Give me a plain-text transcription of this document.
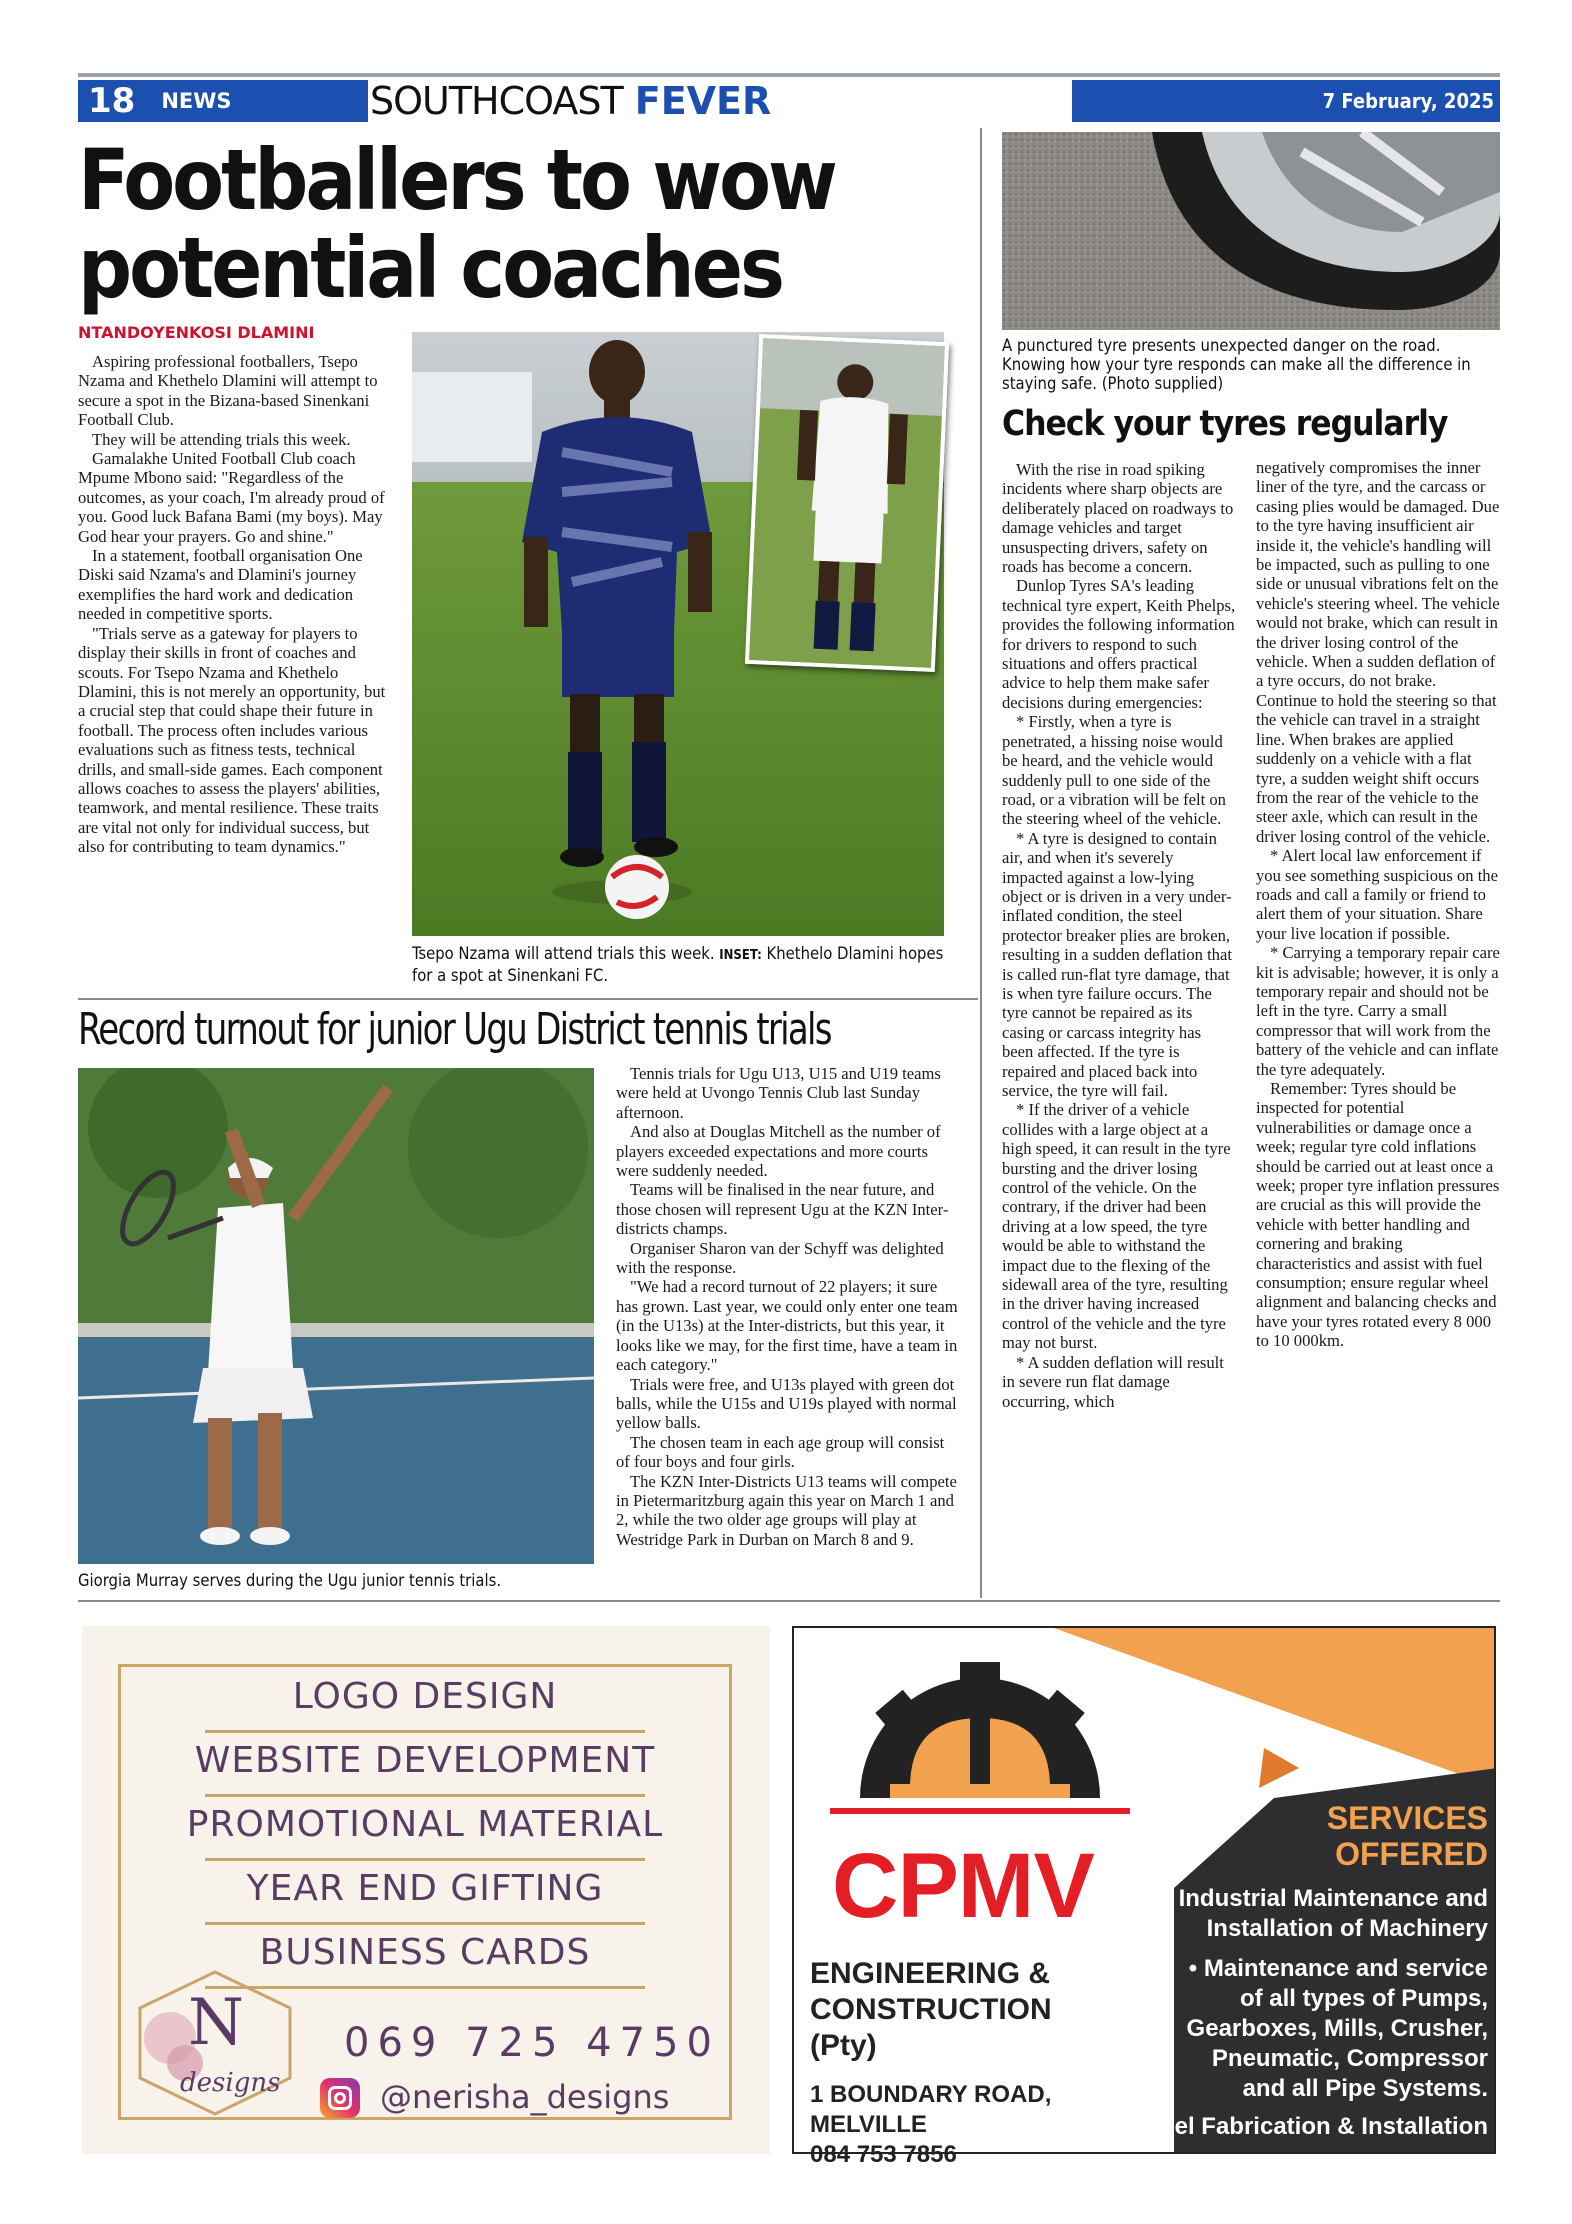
18 NEWS	SOUTHCOAST FEVER	7 February, 2025
Footballers to wow
potential coaches
NTANDOYENKOSI DLAMINI

Aspiring professional footballers, Tsepo Nzama and Khethelo Dlamini will attempt to secure a spot in the Bizana-based Sinenkani Football Club.

They will be attending trials this week.

Gamalakhe United Football Club coach Mpume Mbono said: "Regardless of the outcomes, as your coach, I'm already proud of you. Good luck Bafana Bami (my boys). May God hear your prayers. Go and shine."

In a statement, football organisation One Diski said Nzama's and Dlamini's journey exemplifies the hard work and dedication needed in competitive sports.

"Trials serve as a gateway for players to display their skills in front of coaches and scouts. For Tsepo Nzama and Khethelo Dlamini, this is not merely an opportunity, but a crucial step that could shape their future in football. The process often includes various evaluations such as fitness tests, technical drills, and small-side games. Each component allows coaches to assess the players' abilities, teamwork, and mental resilience. These traits are vital not only for individual success, but also for contributing to team dynamics."

Tsepo Nzama will attend trials this week. INSET: Khethelo Dlamini hopes for a spot at Sinenkani FC.
A punctured tyre presents unexpected danger on the road. Knowing how your tyre responds can make all the difference in staying safe. (Photo supplied)
Check your tyres regularly

With the rise in road spiking incidents where sharp objects are deliberately placed on roadways to damage vehicles and target unsuspecting drivers, safety on roads has become a concern.

Dunlop Tyres SA's leading technical tyre expert, Keith Phelps, provides the following information for drivers to respond to such situations and offers practical advice to help them make safer decisions during emergencies:

* Firstly, when a tyre is penetrated, a hissing noise would be heard, and the vehicle would suddenly pull to one side of the road, or a vibration will be felt on the steering wheel of the vehicle.

* A tyre is designed to contain air, and when it's severely impacted against a low-lying object or is driven in a very under-inflated condition, the steel protector breaker plies are broken, resulting in a sudden deflation that is called run-flat tyre damage, that is when tyre failure occurs. The tyre cannot be repaired as its casing or carcass integrity has been affected. If the tyre is repaired and placed back into service, the tyre will fail.

* If the driver of a vehicle collides with a large object at a high speed, it can result in the tyre bursting and the driver losing control of the vehicle. On the contrary, if the driver had been driving at a low speed, the tyre would be able to withstand the impact due to the flexing of the sidewall area of the tyre, resulting in the driver having increased control of the vehicle and the tyre may not burst.

* A sudden deflation will result in severe run flat damage occurring, which

negatively compromises the inner liner of the tyre, and the carcass or casing plies would be damaged. Due to the tyre having insufficient air inside it, the vehicle's handling will be impacted, such as pulling to one side or unusual vibrations felt on the vehicle's steering wheel. The vehicle would not brake, which can result in the driver losing control of the vehicle. When a sudden deflation of a tyre occurs, do not brake. Continue to hold the steering so that the vehicle can travel in a straight line. When brakes are applied suddenly on a vehicle with a flat tyre, a sudden weight shift occurs from the rear of the vehicle to the steer axle, which can result in the driver losing control of the vehicle.

* Alert local law enforcement if you see something suspicious on the roads and call a family or friend to alert them of your situation. Share your live location if possible.

* Carrying a temporary repair care kit is advisable; however, it is only a temporary repair and should not be left in the tyre. Carry a small compressor that will work from the battery of the vehicle and can inflate the tyre adequately.

Remember: Tyres should be inspected for potential vulnerabilities or damage once a week; regular tyre cold inflations should be carried out at least once a week; proper tyre inflation pressures are crucial as this will provide the vehicle with better handling and cornering and braking characteristics and assist with fuel consumption; ensure regular wheel alignment and balancing checks and have your tyres rotated every 8 000 to 10 000km.

Record turnout for junior Ugu District tennis trials
Giorgia Murray serves during the Ugu junior tennis trials.

Tennis trials for Ugu U13, U15 and U19 teams were held at Uvongo Tennis Club last Sunday afternoon.

And also at Douglas Mitchell as the number of players exceeded expectations and more courts were suddenly needed.

Teams will be finalised in the near future, and those chosen will represent Ugu at the KZN Inter-districts champs.

Organiser Sharon van der Schyff was delighted with the response.

"We had a record turnout of 22 players; it sure has grown. Last year, we could only enter one team (in the U13s) at the Inter-districts, but this year, it looks like we may, for the first time, have a team in each category."

Trials were free, and U13s played with green dot balls, while the U15s and U19s played with normal yellow balls.

The chosen team in each age group will consist of four boys and four girls.

The KZN Inter-Districts U13 teams will compete in Pietermaritzburg again this year on March 1 and 2, while the two older age groups will play at Westridge Park in Durban on March 8 and 9.

LOGO DESIGN
WEBSITE DEVELOPMENT
PROMOTIONAL MATERIAL
YEAR END GIFTING
BUSINESS CARDS
N
designs
069 725 4750
@nerisha_designs
CPMV
ENGINEERING &
CONSTRUCTION
(Pty)
1 BOUNDARY ROAD,
MELVILLE
084 753 7856
SERVICES
OFFERED
• Industrial Maintenance and
Installation of Machinery
• Maintenance and service
of all types of Pumps,
Gearboxes, Mills, Crusher,
Pneumatic, Compressor
and all Pipe Systems.
• Steel Fabrication & Installation
